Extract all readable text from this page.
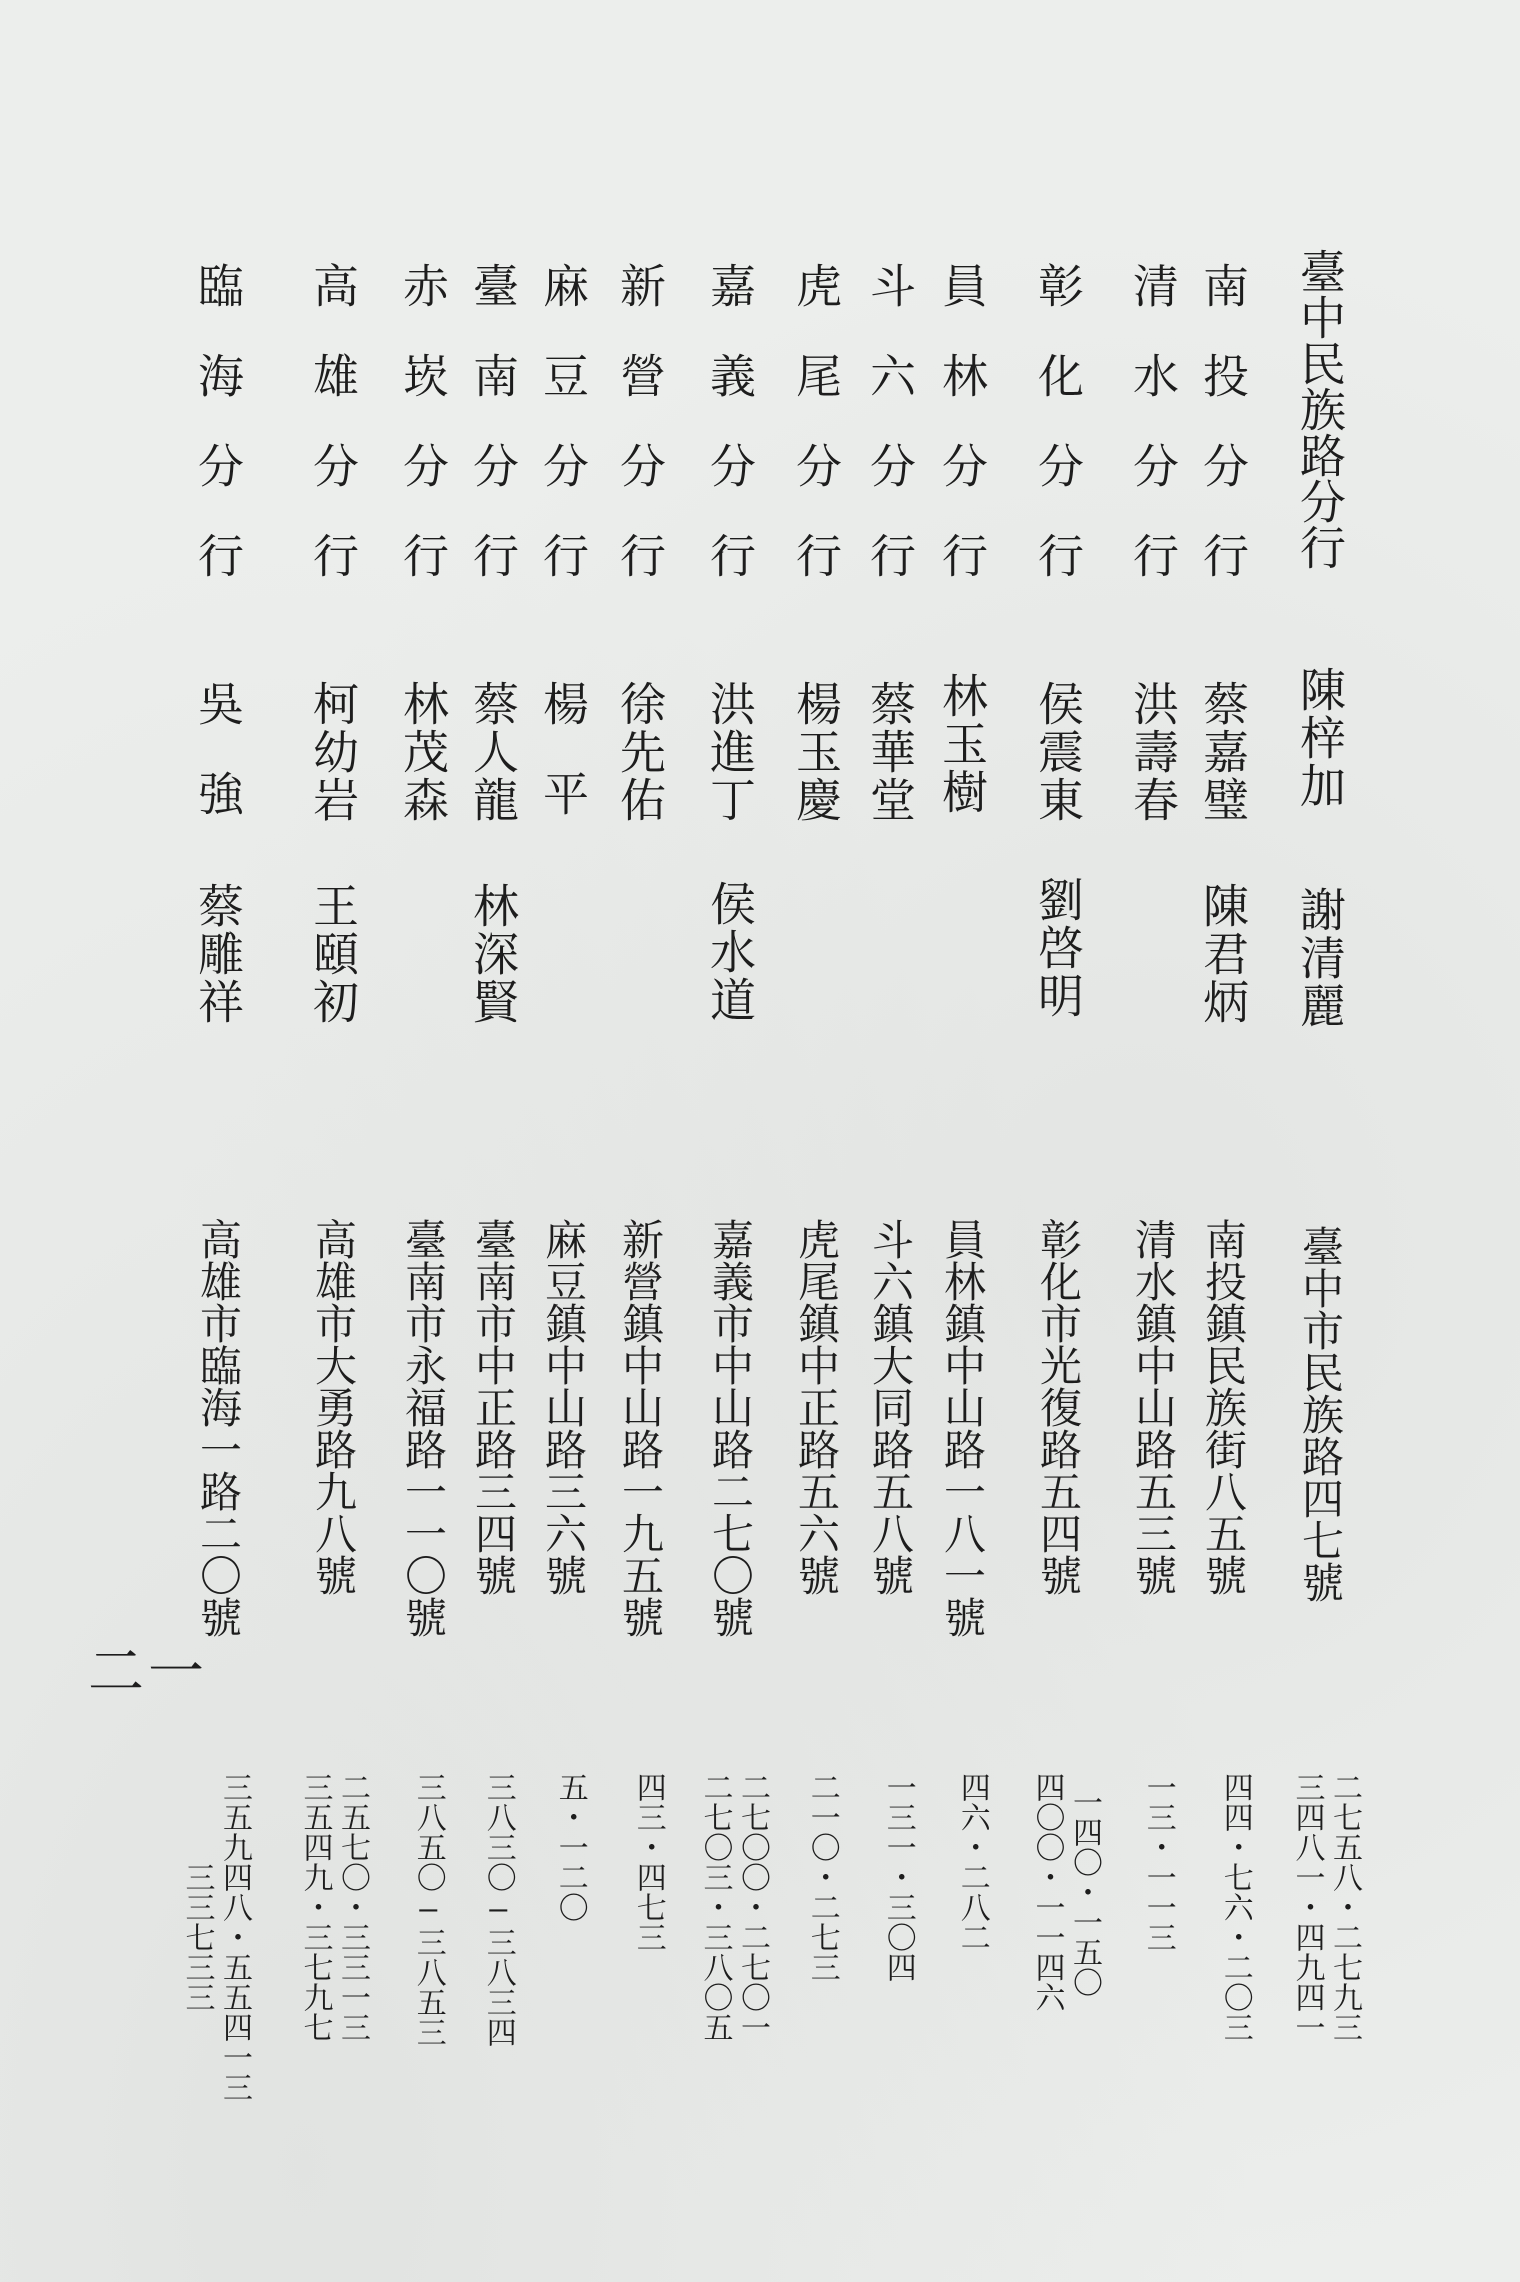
臺中民族路分行
陳梓加
謝清麗
臺中市民族路四七號
二七五八・二七九三
三四八一・四九四一
南投分行
蔡嘉璧
陳君炳
南投鎮民族街八五號
四四・七六・二〇三
清水分行
洪壽春
清水鎮中山路五三號
一三・一一三
彰化分行
侯震東
劉啓明
彰化市光復路五四號
一四〇・一五〇
四〇〇・一一四六
員林分行
林玉樹
員林鎮中山路一八一號
四六・二八二
斗六分行
蔡華堂
斗六鎮大同路五八號
一三一・三〇四
虎尾分行
楊玉慶
虎尾鎮中正路五六號
二一〇・二七三
嘉義分行
洪進丁
侯水道
嘉義市中山路二七〇號
二七〇〇・二七〇一
二七〇三・三八〇五
新營分行
徐先佑
新營鎮中山路一九五號
四三・四七三
麻豆分行
楊平
麻豆鎮中山路三六號
五・一二〇
臺南分行
蔡人龍
林深賢
臺南市中正路三四號
三八三〇—三八三四
赤崁分行
林茂森
臺南市永福路一一〇號
三八五〇—三八五三
高雄分行
柯幼岩
王頤初
高雄市大勇路九八號
二五七〇・三三一三
三五四九・三七九七
臨海分行
吳強
蔡雕祥
高雄市臨海一路二〇號
三五九四八・五五四一三
三三七三三
二一
